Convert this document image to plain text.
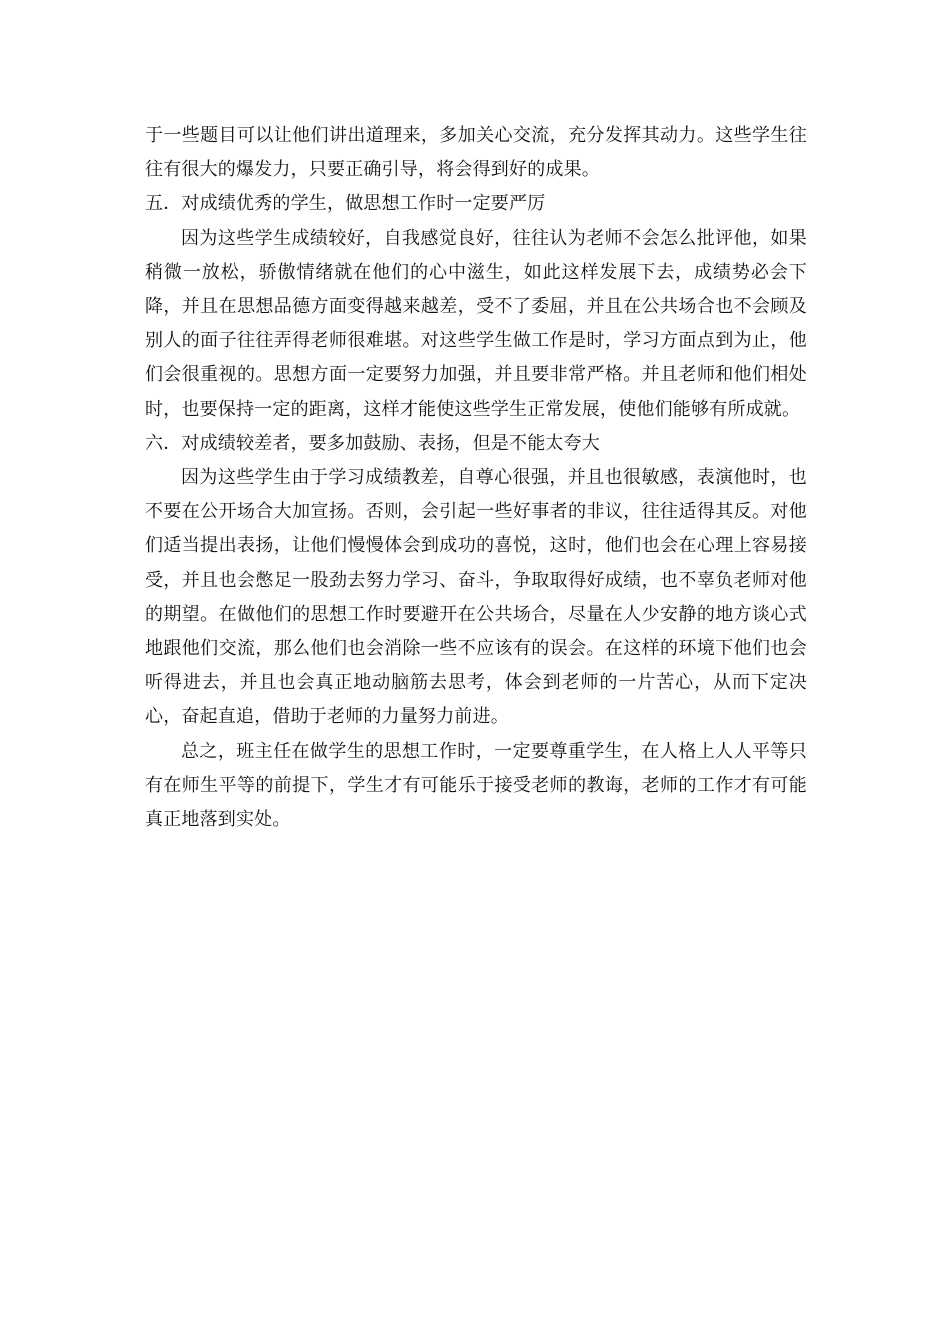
于一些题目可以让他们讲出道理来，多加关心交流，充分发挥其动力。这些学生往往有很大的爆发力，只要正确引导，将会得到好的成果。

五．对成绩优秀的学生，做思想工作时一定要严厉

因为这些学生成绩较好，自我感觉良好，往往认为老师不会怎么批评他，如果稍微一放松，骄傲情绪就在他们的心中滋生，如此这样发展下去，成绩势必会下降，并且在思想品德方面变得越来越差，受不了委屈，并且在公共场合也不会顾及别人的面子往往弄得老师很难堪。对这些学生做工作是时，学习方面点到为止，他们会很重视的。思想方面一定要努力加强，并且要非常严格。并且老师和他们相处时，也要保持一定的距离，这样才能使这些学生正常发展，使他们能够有所成就。

六．对成绩较差者，要多加鼓励、表扬，但是不能太夸大

因为这些学生由于学习成绩教差，自尊心很强，并且也很敏感，表演他时，也不要在公开场合大加宣扬。否则，会引起一些好事者的非议，往往适得其反。对他们适当提出表扬，让他们慢慢体会到成功的喜悦，这时，他们也会在心理上容易接受，并且也会憋足一股劲去努力学习、奋斗，争取取得好成绩，也不辜负老师对他的期望。在做他们的思想工作时要避开在公共场合，尽量在人少安静的地方谈心式地跟他们交流，那么他们也会消除一些不应该有的误会。在这样的环境下他们也会听得进去，并且也会真正地动脑筋去思考，体会到老师的一片苦心，从而下定决心，奋起直追，借助于老师的力量努力前进。

总之，班主任在做学生的思想工作时，一定要尊重学生，在人格上人人平等只有在师生平等的前提下，学生才有可能乐于接受老师的教诲，老师的工作才有可能真正地落到实处。
